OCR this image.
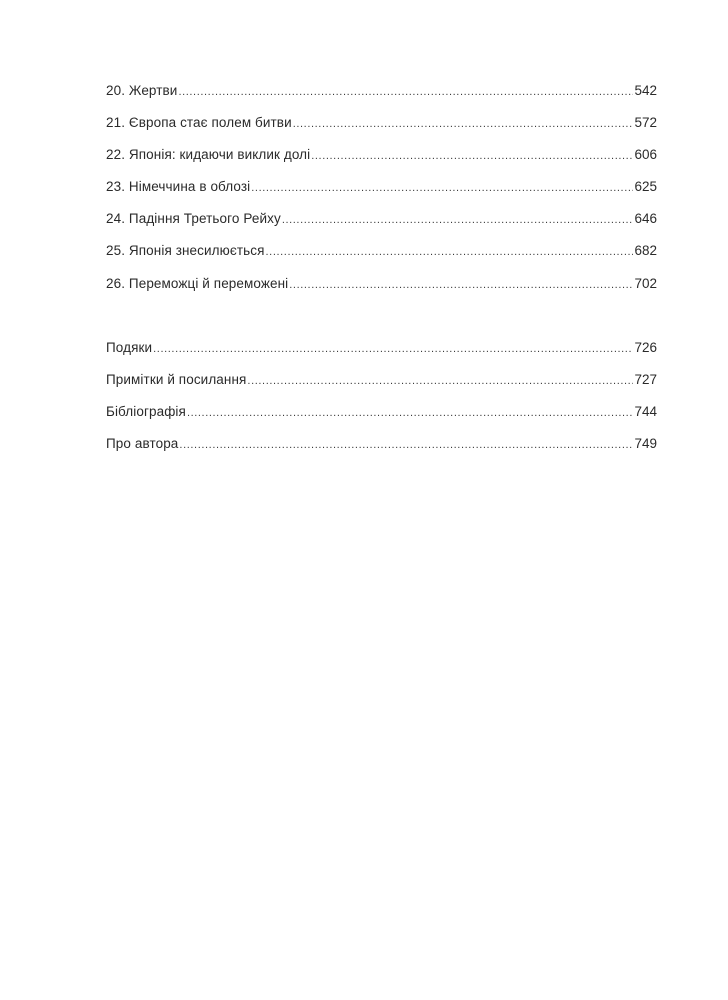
20. Жертви .....	542
21. Європа стає полем битви .....	572
22. Японія: кидаючи виклик долі .....	606
23. Німеччина в облозі .....	625
24. Падіння Третього Рейху .....	646
25. Японія знесилюється .....	682
26. Переможці й переможені .....	702
Подяки .....	726
Примітки й посилання .....	727
Бібліографія .....	744
Про автора .....	749
